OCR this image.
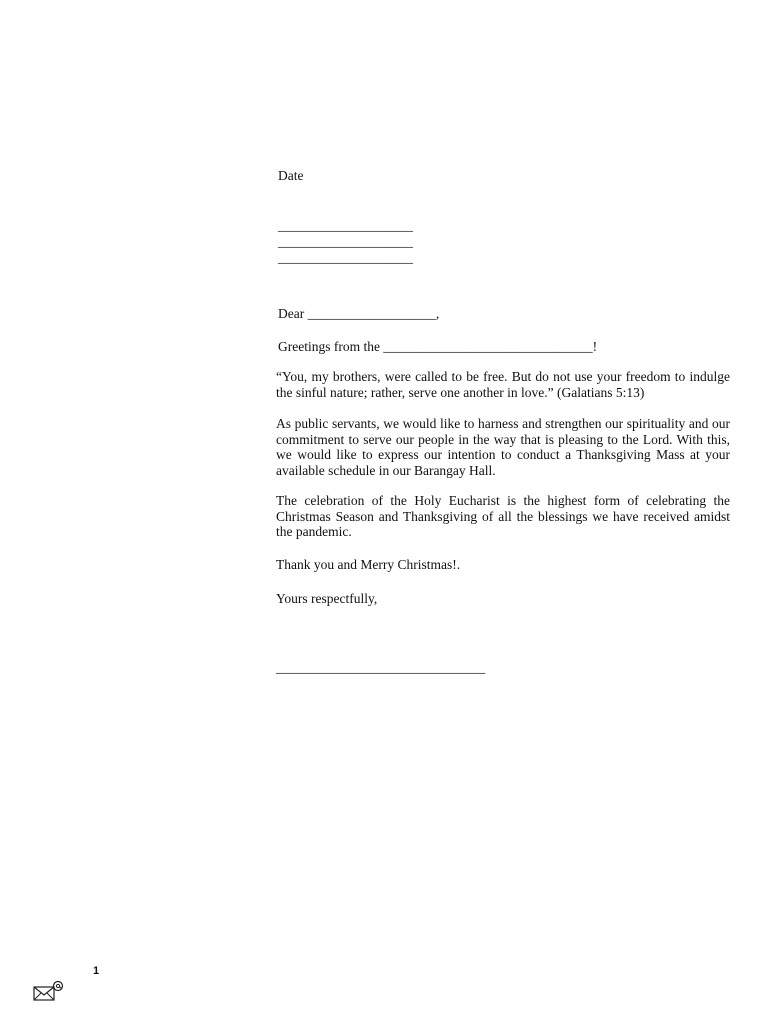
Date

____________________

____________________

____________________

Dear ___________________,

Greetings from the _______________________________!

“You, my brothers, were called to be free. But do not use your freedom to indulge the sinful nature; rather, serve one another in love.” (Galatians 5:13)

As public servants, we would like to harness and strengthen our spirituality and our commitment to serve our people in the way that is pleasing to the Lord. With this, we would like to express our intention to conduct a Thanksgiving Mass at your available schedule in our Barangay Hall.

The celebration of the Holy Eucharist is the highest form of celebrating the Christmas Season and Thanksgiving of all the blessings we have received amidst the pandemic.

Thank you and Merry Christmas!.

Yours respectfully,

_______________________________

1
